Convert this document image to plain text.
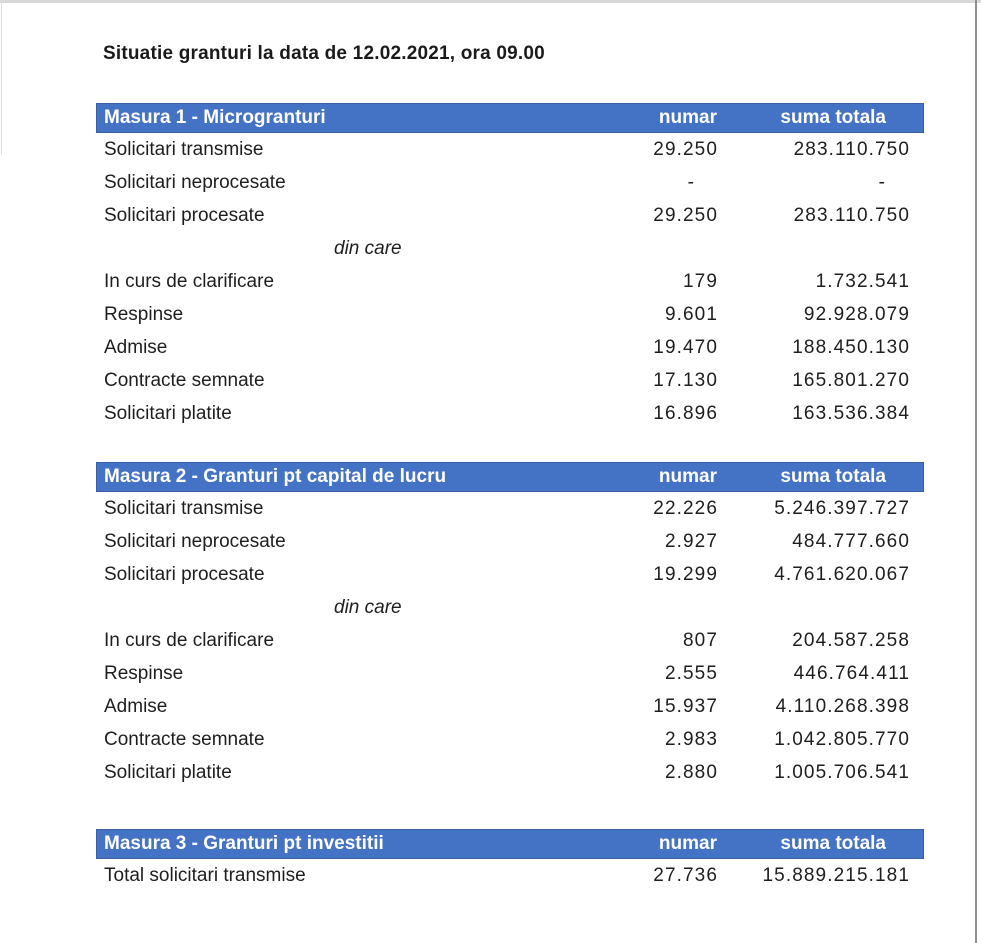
Situatie granturi la data de 12.02.2021, ora 09.00
Masura 1 - Microgranturi	numar	suma totala
Solicitari transmise	29.250	283.110.750
Solicitari neprocesate	-	-
Solicitari procesate	29.250	283.110.750
din care
In curs de clarificare	179	1.732.541
Respinse	9.601	92.928.079
Admise	19.470	188.450.130
Contracte semnate	17.130	165.801.270
Solicitari platite	16.896	163.536.384
Masura 2 - Granturi pt capital de lucru	numar	suma totala
Solicitari transmise	22.226	5.246.397.727
Solicitari neprocesate	2.927	484.777.660
Solicitari procesate	19.299	4.761.620.067
din care
In curs de clarificare	807	204.587.258
Respinse	2.555	446.764.411
Admise	15.937	4.110.268.398
Contracte semnate	2.983	1.042.805.770
Solicitari platite	2.880	1.005.706.541
Masura 3 - Granturi pt investitii	numar	suma totala
Total solicitari transmise	27.736	15.889.215.181
